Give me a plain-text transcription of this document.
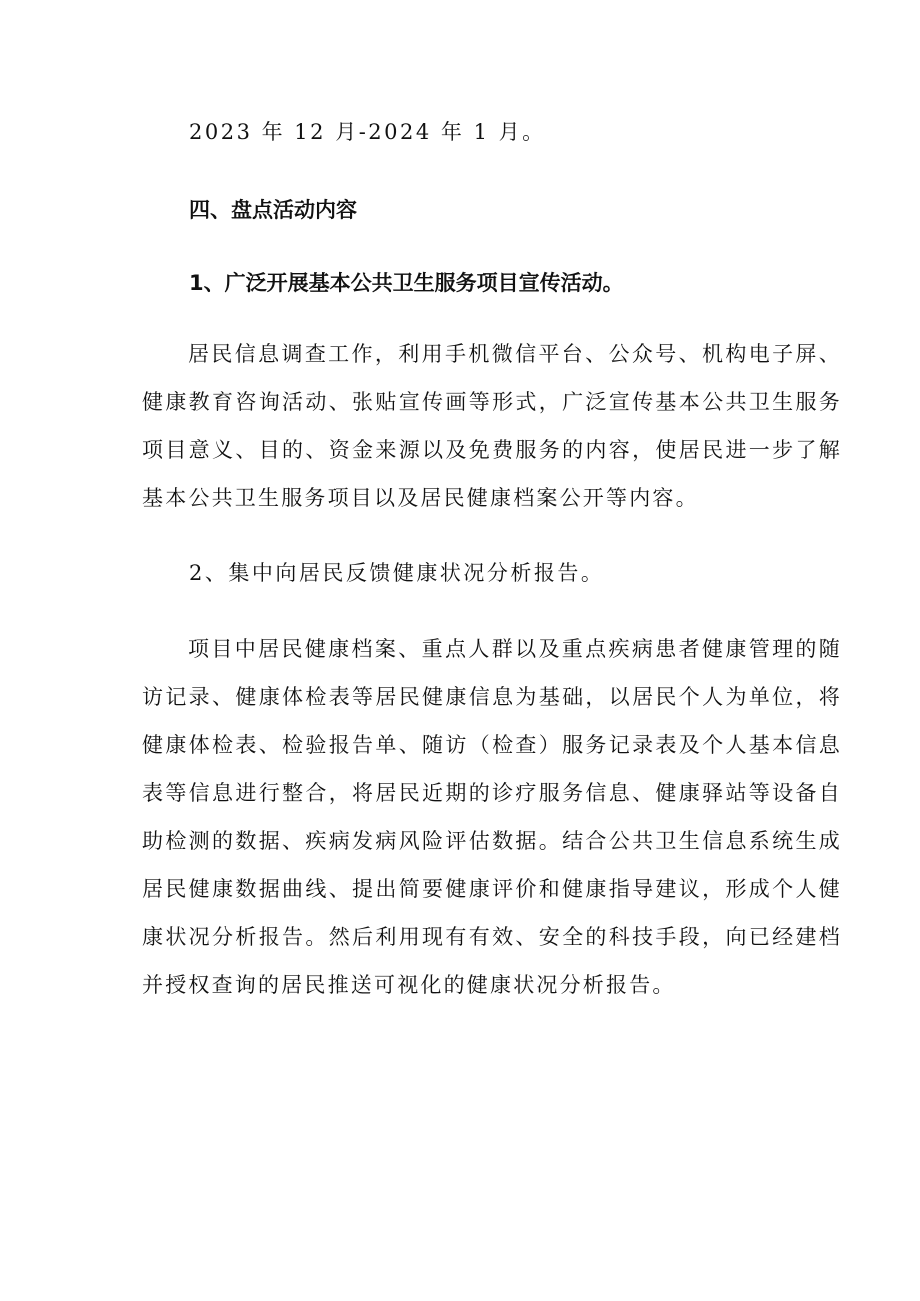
2023 年 12 月-2024 年 1 月。
四、盘点活动内容
1、广泛开展基本公共卫生服务项目宣传活动。

居民信息调查工作，利用手机微信平台、公众号、机构电子屏、健康教育咨询活动、张贴宣传画等形式，广泛宣传基本公共卫生服务项目意义、目的、资金来源以及免费服务的内容，使居民进一步了解基本公共卫生服务项目以及居民健康档案公开等内容。

2、集中向居民反馈健康状况分析报告。

项目中居民健康档案、重点人群以及重点疾病患者健康管理的随访记录、健康体检表等居民健康信息为基础，以居民个人为单位，将健康体检表、检验报告单、随访（检查）服务记录表及个人基本信息表等信息进行整合，将居民近期的诊疗服务信息、健康驿站等设备自助检测的数据、疾病发病风险评估数据。结合公共卫生信息系统生成居民健康数据曲线、提出简要健康评价和健康指导建议，形成个人健康状况分析报告。然后利用现有有效、安全的科技手段，向已经建档并授权查询的居民推送可视化的健康状况分析报告。
